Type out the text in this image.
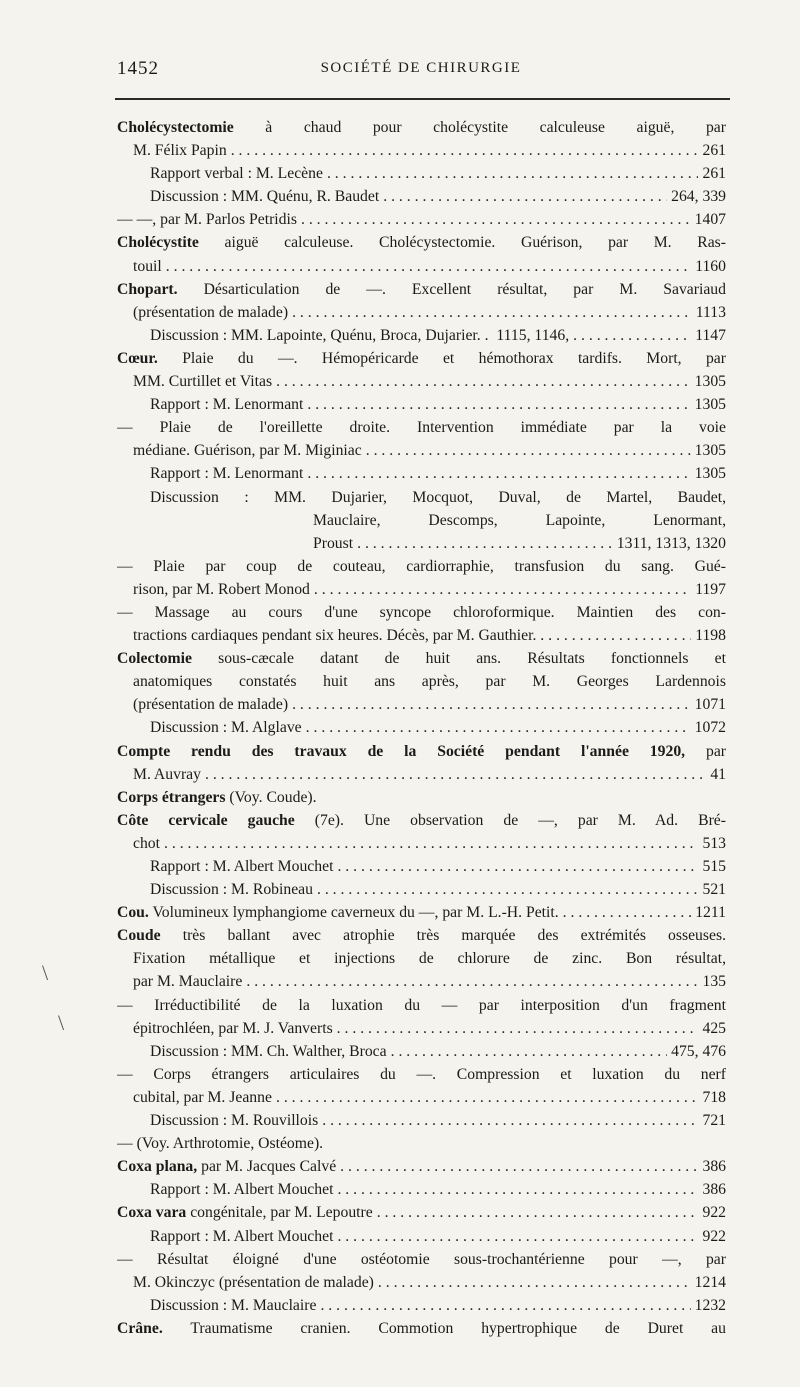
1452	SOCIÉTÉ DE CHIRURGIE
Cholécystectomie à chaud pour cholécystite calculeuse aiguë, par
M. Félix Papin . . .	261
Rapport verbal : M. Lecène . . .	261
Discussion : MM. Quénu, R. Baudet . . .	264, 339
— —, par M. Parlos Petridis . . .	1407
Cholécystite aiguë calculeuse. Cholécystectomie. Guérison, par M. Ras-
touil . . .	1160
Chopart. Désarticulation de —. Excellent résultat, par M. Savariaud
(présentation de malade) . . .	1113
Discussion : MM. Lapointe, Quénu, Broca, Dujarier. .  1115, 1146, . . .	1147
Cœur. Plaie du —. Hémopéricarde et hémothorax tardifs. Mort, par
MM. Curtillet et Vitas . . .	1305
Rapport : M. Lenormant . . .	1305
— Plaie de l'oreillette droite. Intervention immédiate par la voie
médiane. Guérison, par M. Miginiac . . .	1305
Rapport : M. Lenormant . . .	1305
Discussion : MM. Dujarier, Mocquot, Duval, de Martel, Baudet,
Mauclaire, Descomps, Lapointe, Lenormant,
Proust . . .	1311, 1313, 1320
— Plaie par coup de couteau, cardiorraphie, transfusion du sang. Gué-
rison, par M. Robert Monod . . .	1197
— Massage au cours d'une syncope chloroformique. Maintien des con-
tractions cardiaques pendant six heures. Décès, par M. Gauthier. . . . . .	1198
Colectomie sous-cæcale datant de huit ans. Résultats fonctionnels et
anatomiques constatés huit ans après, par M. Georges Lardennois
(présentation de malade) . . .	1071
Discussion : M. Alglave . . .	1072
Compte rendu des travaux de la Société pendant l'année 1920, par
M. Auvray . . .	41
Corps étrangers (Voy. Coude).
Côte cervicale gauche (7e). Une observation de —, par M. Ad. Bré-
chot . . .	513
Rapport : M. Albert Mouchet . . .	515
Discussion : M. Robineau . . .	521
Cou. Volumineux lymphangiome caverneux du —, par M. L.-H. Petit. . . .	1211
Coude très ballant avec atrophie très marquée des extrémités osseuses.
Fixation métallique et injections de chlorure de zinc. Bon résultat,
par M. Mauclaire . . .	135
— Irréductibilité de la luxation du — par interposition d'un fragment
épitrochléen, par M. J. Vanverts . . .	425
Discussion : MM. Ch. Walther, Broca . . .	475, 476
— Corps étrangers articulaires du —. Compression et luxation du nerf
cubital, par M. Jeanne . . .	718
Discussion : M. Rouvillois . . .	721
— (Voy. Arthrotomie, Ostéome).
Coxa plana, par M. Jacques Calvé . . .	386
Rapport : M. Albert Mouchet . . .	386
Coxa vara congénitale, par M. Lepoutre . . .	922
Rapport : M. Albert Mouchet . . .	922
— Résultat éloigné d'une ostéotomie sous-trochantérienne pour —, par
M. Okinczyc (présentation de malade) . . .	1214
Discussion : M. Mauclaire . . .	1232
Crâne. Traumatisme cranien. Commotion hypertrophique de Duret au
\
\
